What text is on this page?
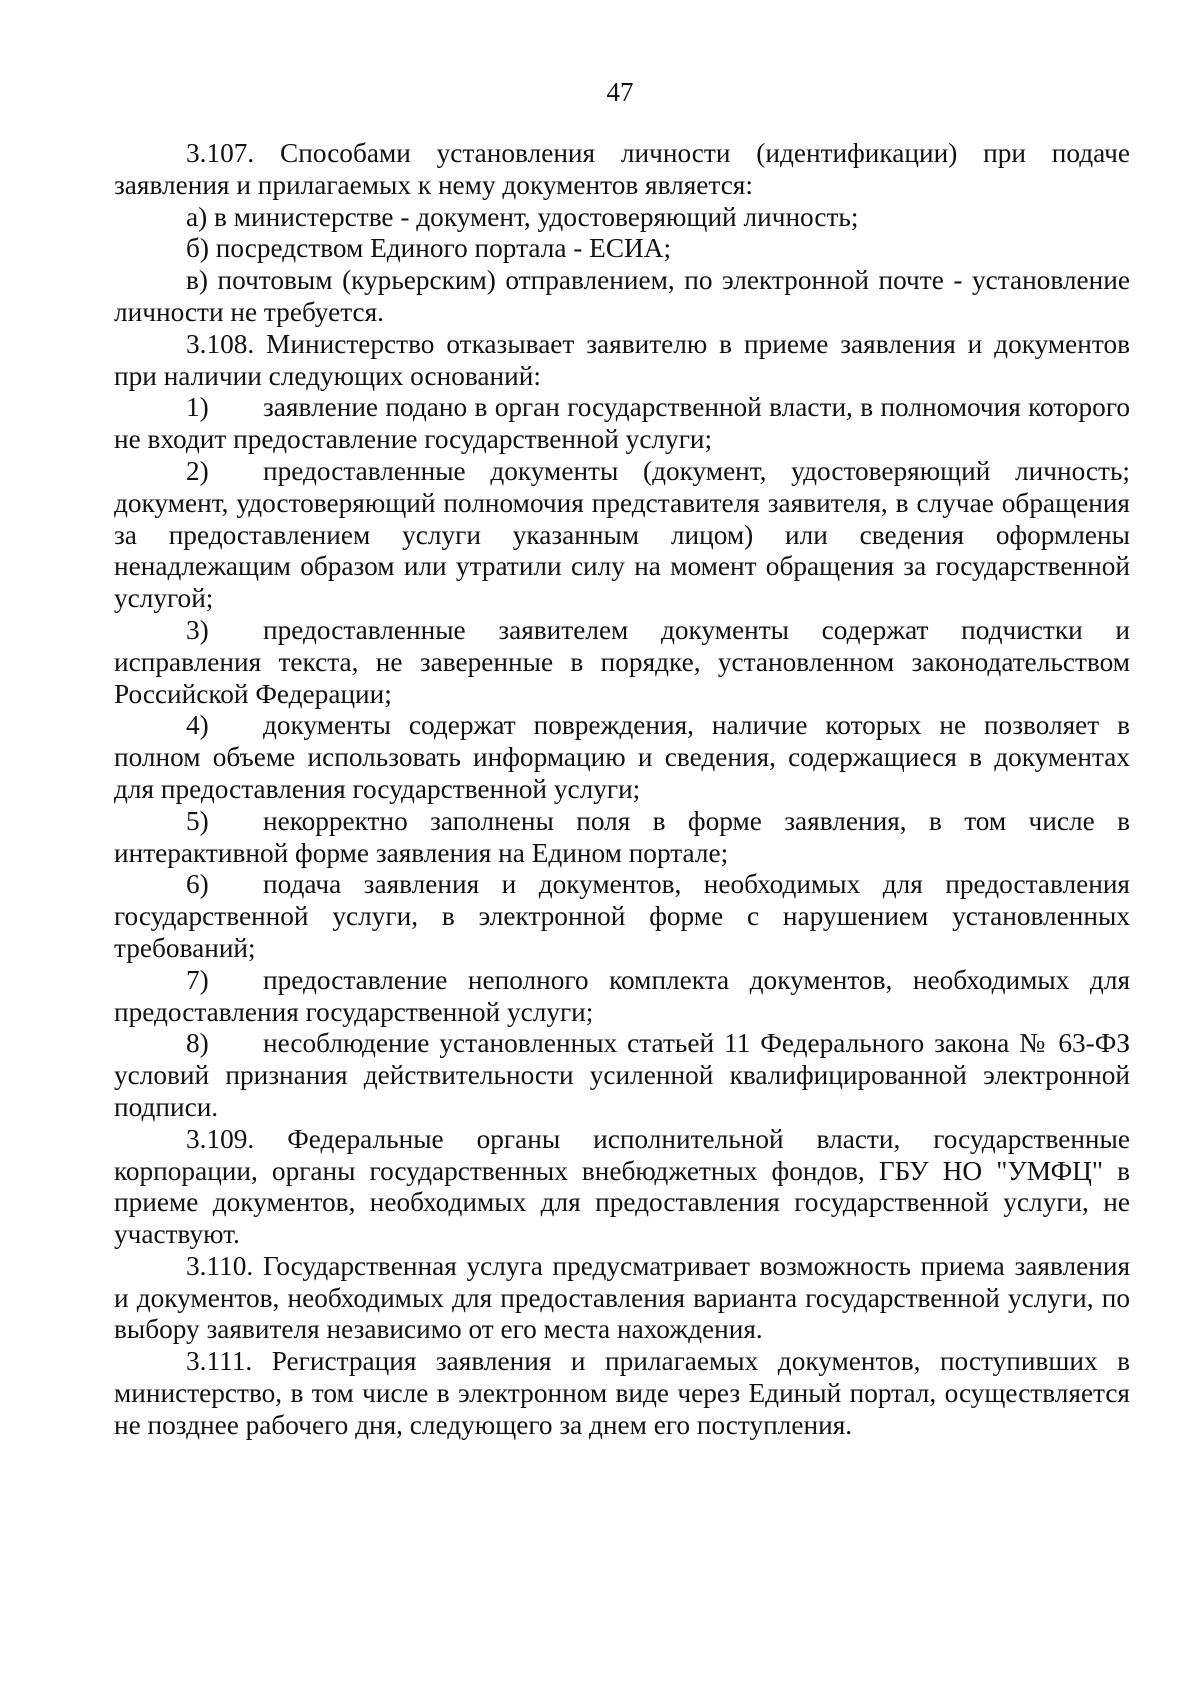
47

3.107. Способами установления личности (идентификации) при подаче заявления и прилагаемых к нему документов является:

а) в министерстве - документ, удостоверяющий личность;

б) посредством Единого портала - ЕСИА;

в) почтовым (курьерским) отправлением, по электронной почте - установление личности не требуется.

3.108. Министерство отказывает заявителю в приеме заявления и документов при наличии следующих оснований:

1) заявление подано в орган государственной власти, в полномочия которого не входит предоставление государственной услуги;

2) предоставленные документы (документ, удостоверяющий личность; документ, удостоверяющий полномочия представителя заявителя, в случае обращения за предоставлением услуги указанным лицом) или сведения оформлены ненадлежащим образом или утратили силу на момент обращения за государственной услугой;

3) предоставленные заявителем документы содержат подчистки и исправления текста, не заверенные в порядке, установленном законодательством Российской Федерации;

4) документы содержат повреждения, наличие которых не позволяет в полном объеме использовать информацию и сведения, содержащиеся в документах для предоставления государственной услуги;

5) некорректно заполнены поля в форме заявления, в том числе в интерактивной форме заявления на Едином портале;

6) подача заявления и документов, необходимых для предоставления государственной услуги, в электронной форме с нарушением установленных требований;

7) предоставление неполного комплекта документов, необходимых для предоставления государственной услуги;

8) несоблюдение установленных статьей 11 Федерального закона № 63-ФЗ условий признания действительности усиленной квалифицированной электронной подписи.

3.109. Федеральные органы исполнительной власти, государственные корпорации, органы государственных внебюджетных фондов, ГБУ НО "УМФЦ" в приеме документов, необходимых для предоставления государственной услуги, не участвуют.

3.110. Государственная услуга предусматривает возможность приема заявления и документов, необходимых для предоставления варианта государственной услуги, по выбору заявителя независимо от его места нахождения.

3.111. Регистрация заявления и прилагаемых документов, поступивших в министерство, в том числе в электронном виде через Единый портал, осуществляется не позднее рабочего дня, следующего за днем его поступления.
